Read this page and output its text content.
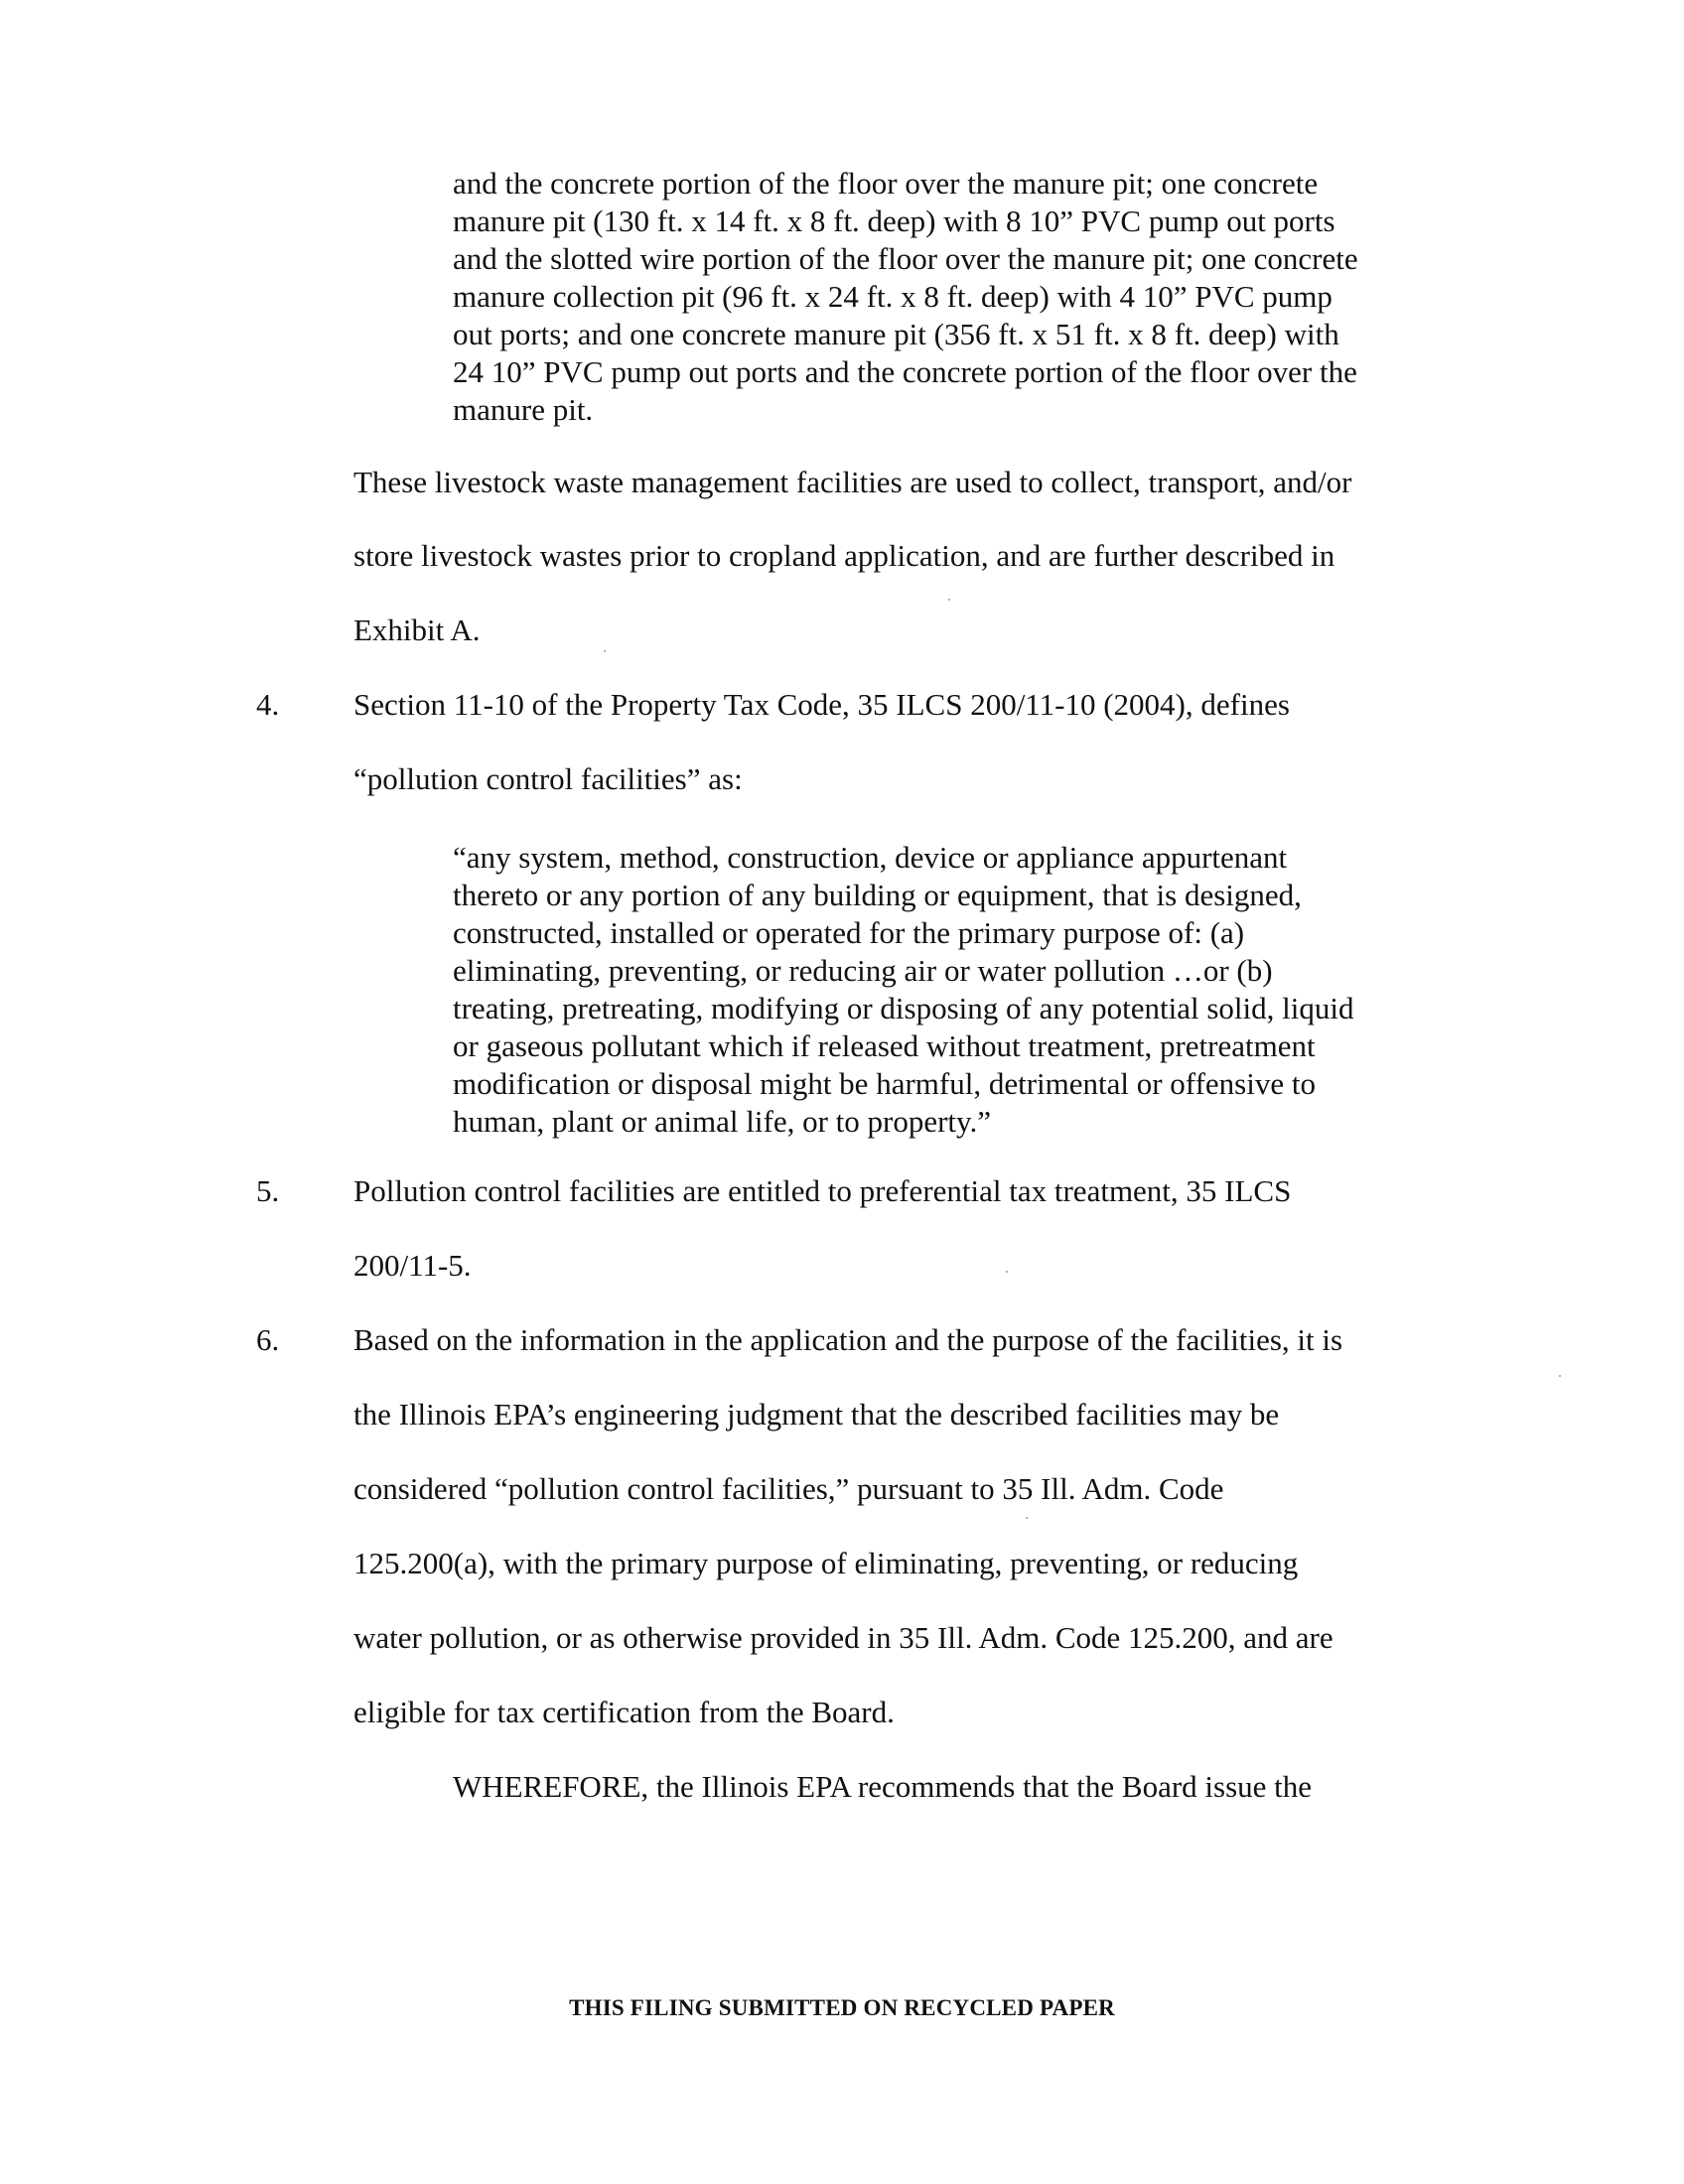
and the concrete portion of the floor over the manure pit; one concrete
manure pit (130 ft. x 14 ft. x 8 ft. deep) with 8 10” PVC pump out ports
and the slotted wire portion of the floor over the manure pit; one concrete
manure collection pit (96 ft. x 24 ft. x 8 ft. deep) with 4 10” PVC pump
out ports; and one concrete manure pit (356 ft. x 51 ft. x 8 ft. deep) with
24 10” PVC pump out ports and the concrete portion of the floor over the
manure pit.

These livestock waste management facilities are used to collect, transport, and/or

store livestock wastes prior to cropland application, and are further described in

Exhibit A.

4. Section 11-10 of the Property Tax Code, 35 ILCS 200/11-10 (2004), defines

“pollution control facilities” as:

“any system, method, construction, device or appliance appurtenant
thereto or any portion of any building or equipment, that is designed,
constructed, installed or operated for the primary purpose of: (a)
eliminating, preventing, or reducing air or water pollution …or (b)
treating, pretreating, modifying or disposing of any potential solid, liquid
or gaseous pollutant which if released without treatment, pretreatment
modification or disposal might be harmful, detrimental or offensive to
human, plant or animal life, or to property.”
5. Pollution control facilities are entitled to preferential tax treatment, 35 ILCS

200/11-5.

6. Based on the information in the application and the purpose of the facilities, it is

the Illinois EPA’s engineering judgment that the described facilities may be

considered “pollution control facilities,” pursuant to 35 Ill. Adm. Code

125.200(a), with the primary purpose of eliminating, preventing, or reducing

water pollution, or as otherwise provided in 35 Ill. Adm. Code 125.200, and are

eligible for tax certification from the Board.

WHEREFORE, the Illinois EPA recommends that the Board issue the

THIS FILING SUBMITTED ON RECYCLED PAPER
